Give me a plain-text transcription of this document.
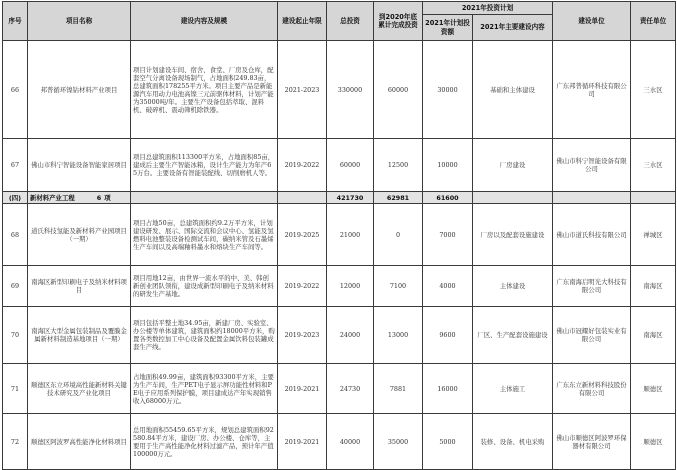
序号	项目名称	建设内容及规模	建设起止年限	总投资	到2020年底累计完成投资	2021年投资计划		建设单位	责任单位
						2021年计划投资额	2021年主要建设内容		
66	邦普循环镍钴材料产业项目	项目计划建设车间、宿舍、食堂、厂房及仓库，配套空气分离设备现场制气，占地面积249.83亩，总建筑面积178255平方米。项目主要产品是新能源汽车用动力电池高镍三元前驱体材料，计划产能为35000吨/年。主要生产设备包括萃取、混料机、破碎机、震动筛机除铁器。	2021-2023	330000	60000	30000	基础和主体建设	广东邦普循环科技有限公司	三水区
67	佛山市科宁智能设备智能家居项目	项目总建筑面积113300平方米，占地面积85亩，建成后主要生产智能冰箱，设计生产能力为年产65万台。主要设备有智能装配线、切削磨机人等。	2019-2022	60000	12500	10000	厂房建设	佛山市科宁智能设备有限公司	三水区
(四)	新材料产业工程 6 项			421730	62981	61600			
68	道氏科技氢能及新材料产业园项目（一期）	项目占地50亩，总建筑面积约9.2万平方米，计划建设研发、展示、国际交流和会议中心、氢能及氢燃料电池整装设备检测试车间，碳纳米管及石墨烯生产车间以及高端釉料墨水和熔块生产车间等。	2019-2025	21000	0	7000	厂房以及配套设施建设	佛山市道氏科技有限公司	禅城区
69	南海区新型印刷电子及纳米材料项目	项目用地12亩，由世界一流水平的中、美、韩创新创业团队领衔，建设成新型印刷电子及纳米材料的研发生产基地。	2019-2022	12000	7100	4000	主体建设	广东南海启明光大科技有限公司	南海区
70	南海区大型金属包装制品及覆膜金属新材料制造基地项目（一期）	项目包括平整土地34.95亩，新建厂房、实验室、办公楼等单体建筑，建筑面积约18000平方米，购置各类数控加工中心设备及配置金属饮料包装罐成套生产线。	2019-2023	24000	13000	9600	厂区、生产配套设施建设	佛山市冠耀好包装实业有限公司	南海区
71	顺德区东立环境高性能新材料关键技术研究及产业化项目	占地面积49.99亩，建筑面积93300平方米，主要为生产车间，生产PET电子显示屏功能性材料和PE电子应用系列保护膜，项目建成达产年实现销售收入68000万元。	2019-2021	24730	7881	16000	主体施工	广东东立新材料科技股份有限公司	顺德区
72	顺德区阿波罗高性能净化材料项目	总用地面积55459.65平方米，规划总建筑面积92580.84平方米，建设厂房、办公楼、仓库等，主要用于生产高性能净化材料过滤产品，预计年产值100000万元。	2019-2021	40000	35000	5000	装修、设备、机电采购	佛山市顺德区阿波罗环保器材有限公司	顺德区
